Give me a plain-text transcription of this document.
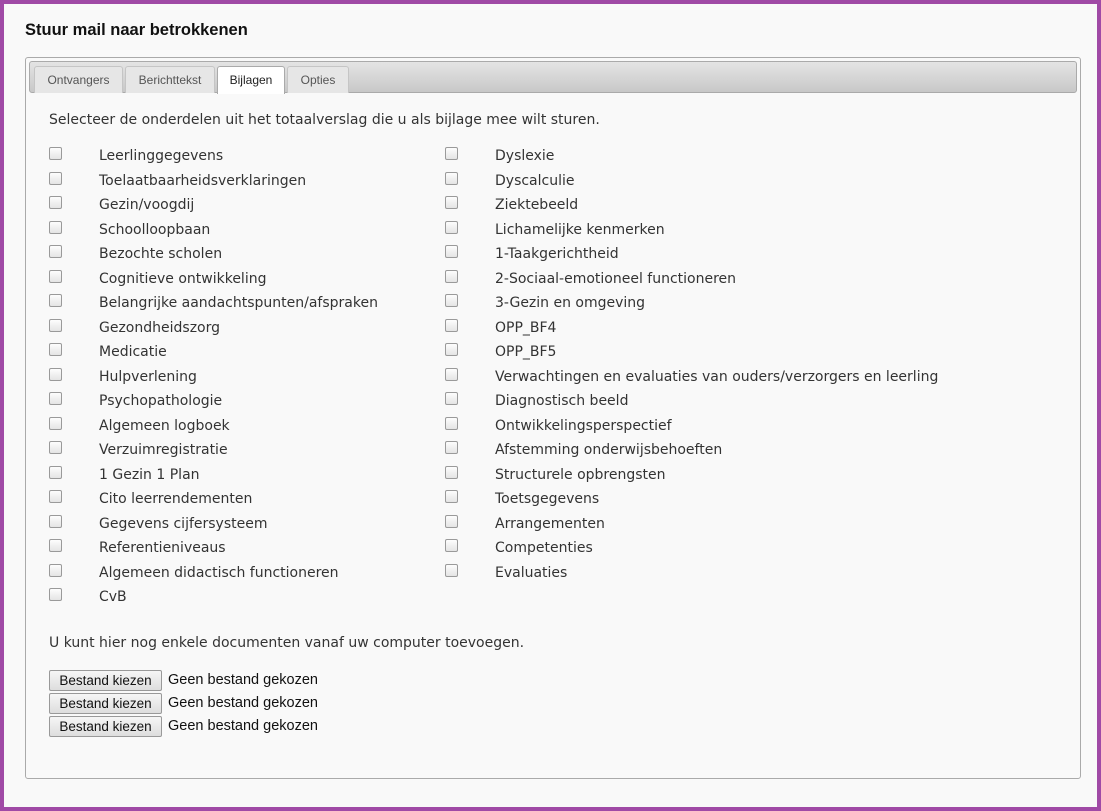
Stuur mail naar betrokkenen
Ontvangers	Berichttekst	Bijlagen	Opties
Selecteer de onderdelen uit het totaalverslag die u als bijlage mee wilt sturen.
Leerlinggegevens
Toelaatbaarheidsverklaringen
Gezin/voogdij
Schoolloopbaan
Bezochte scholen
Cognitieve ontwikkeling
Belangrijke aandachtspunten/afspraken
Gezondheidszorg
Medicatie
Hulpverlening
Psychopathologie
Algemeen logboek
Verzuimregistratie
1 Gezin 1 Plan
Cito leerrendementen
Gegevens cijfersysteem
Referentieniveaus
Algemeen didactisch functioneren
CvB
Dyslexie
Dyscalculie
Ziektebeeld
Lichamelijke kenmerken
1-Taakgerichtheid
2-Sociaal-emotioneel functioneren
3-Gezin en omgeving
OPP_BF4
OPP_BF5
Verwachtingen en evaluaties van ouders/verzorgers en leerling
Diagnostisch beeld
Ontwikkelingsperspectief
Afstemming onderwijsbehoeften
Structurele opbrengsten
Toetsgegevens
Arrangementen
Competenties
Evaluaties
U kunt hier nog enkele documenten vanaf uw computer toevoegen.
Bestand kiezen	Geen bestand gekozen
Bestand kiezen	Geen bestand gekozen
Bestand kiezen	Geen bestand gekozen
